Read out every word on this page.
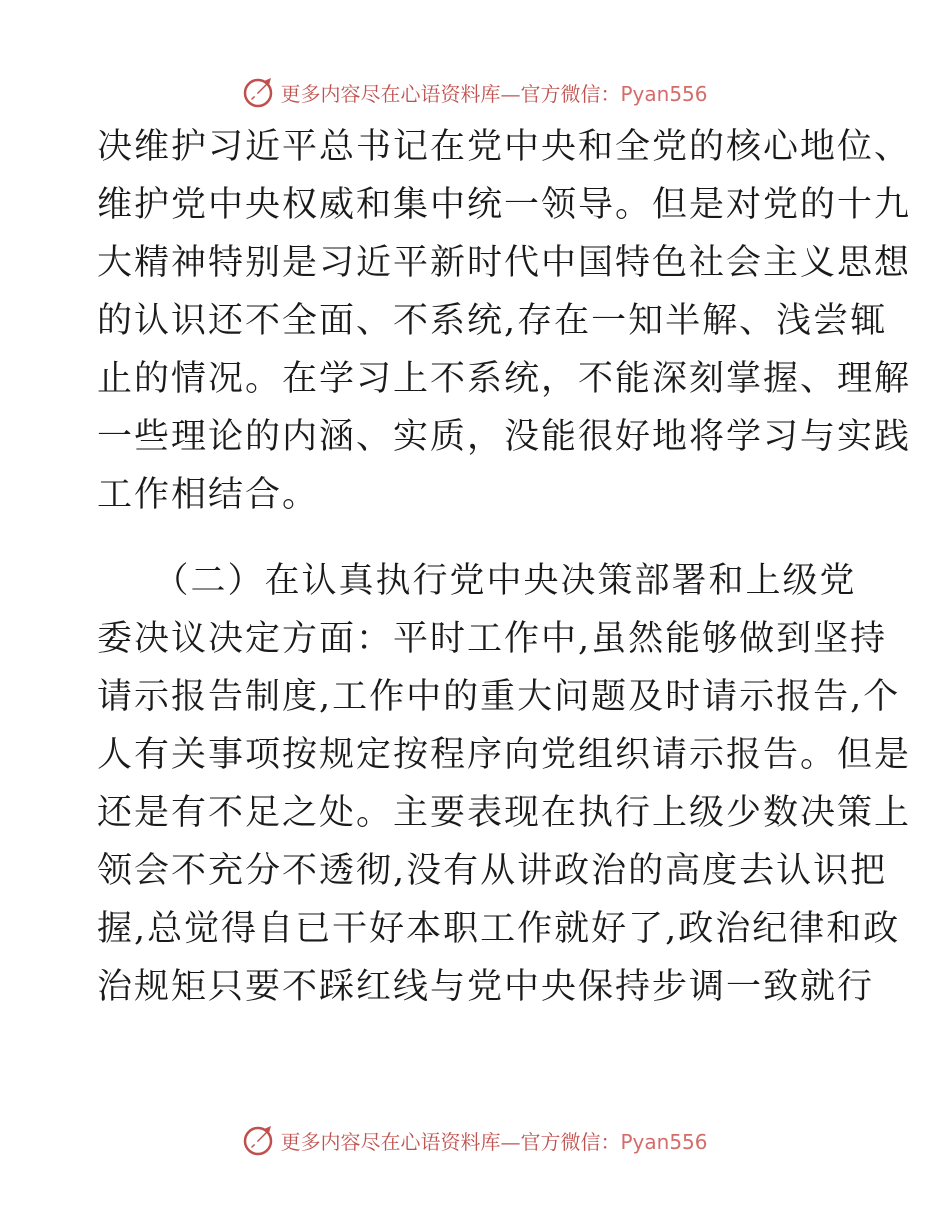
更多内容尽在心语资料库—官方微信：Pyan556
决维护习近平总书记在党中央和全党的核心地位、
维护党中央权威和集中统一领导。但是对党的十九
大精神特别是习近平新时代中国特色社会主义思想
的认识还不全面、不系统,存在一知半解、浅尝辄
止的情况。在学习上不系统，不能深刻掌握、理解
一些理论的内涵、实质，没能很好地将学习与实践
工作相结合。
　　（二）在认真执行党中央决策部署和上级党
委决议决定方面：平时工作中,虽然能够做到坚持
请示报告制度,工作中的重大问题及时请示报告,个
人有关事项按规定按程序向党组织请示报告。但是
还是有不足之处。主要表现在执行上级少数决策上
领会不充分不透彻,没有从讲政治的高度去认识把
握,总觉得自已干好本职工作就好了,政治纪律和政
治规矩只要不踩红线与党中央保持步调一致就行
更多内容尽在心语资料库—官方微信：Pyan556
